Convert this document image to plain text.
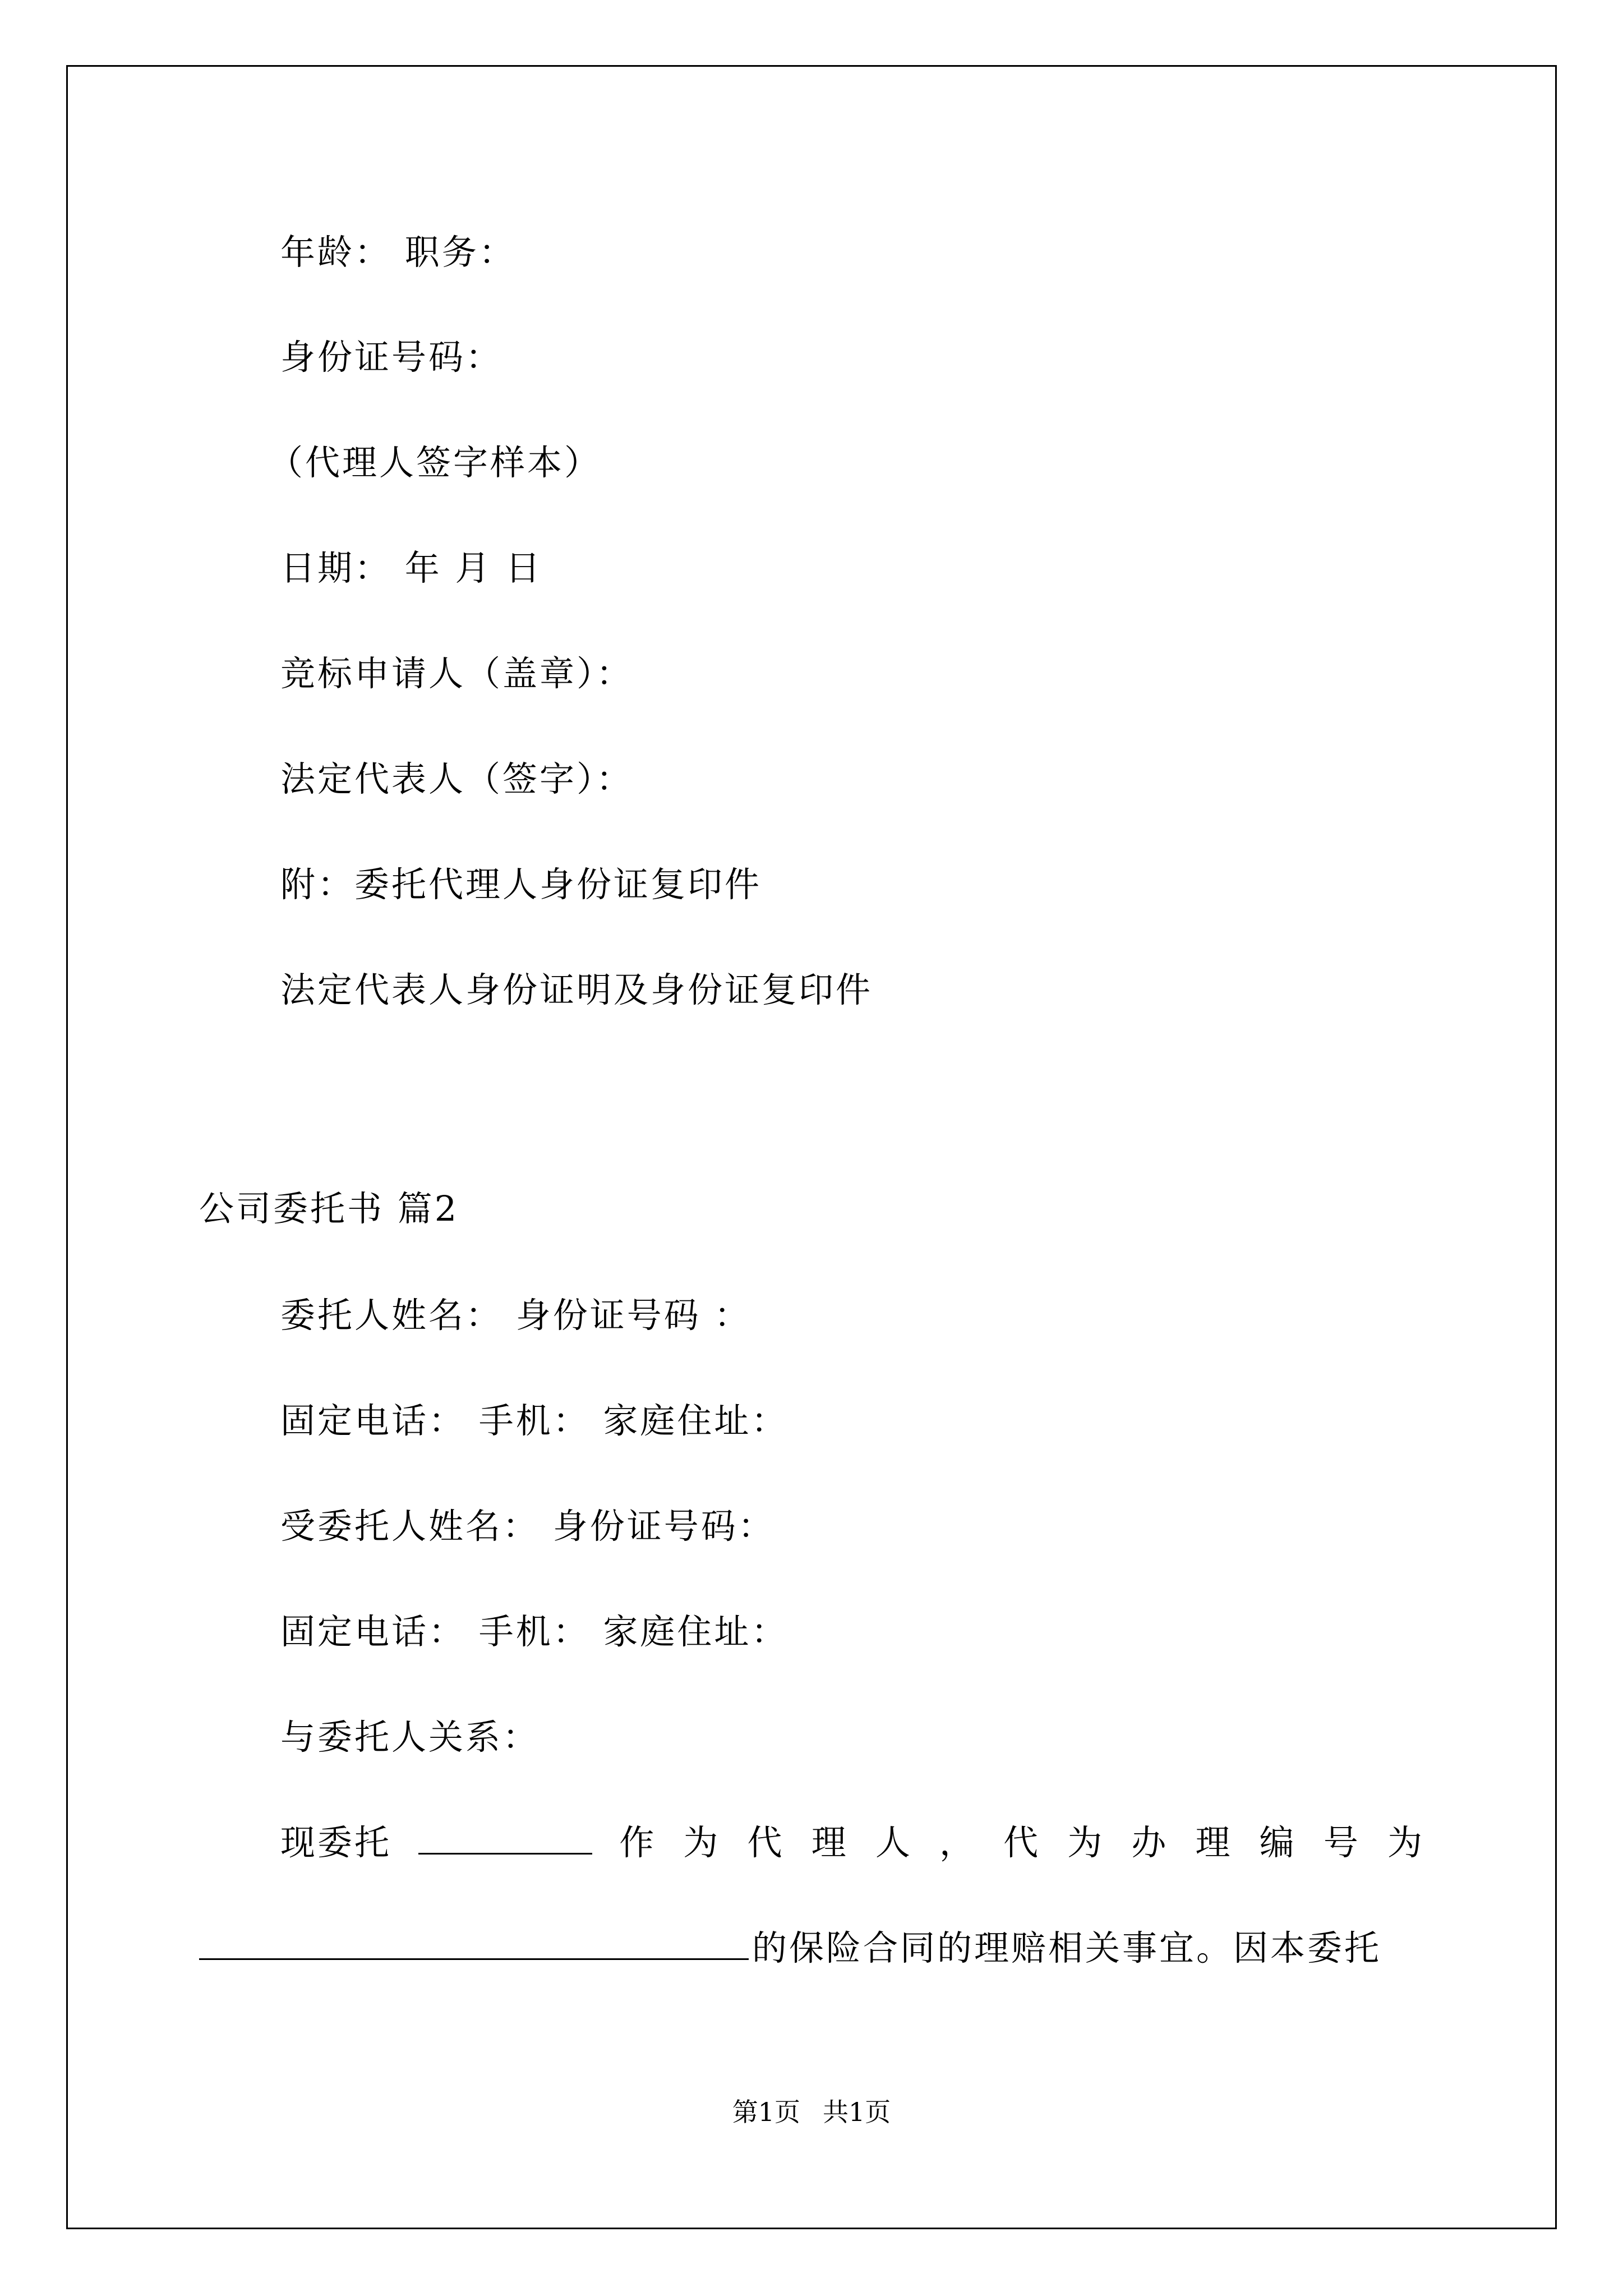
年龄： 职务：
身份证号码：
（代理人签字样本）
日期： 年 月 日
竞标申请人（盖章）：
法定代表人（签字）：
附：委托代理人身份证复印件
法定代表人身份证明及身份证复印件
公司委托书 篇2
委托人姓名： 身份证号码 ：
固定电话： 手机： 家庭住址：
受委托人姓名： 身份证号码：
固定电话： 手机： 家庭住址：
与委托人关系：
现委托	作 为 代 理 人 ， 代 为 办 理 编 号 为
的保险合同的理赔相关事宜。因本委托
第1页 共1页
